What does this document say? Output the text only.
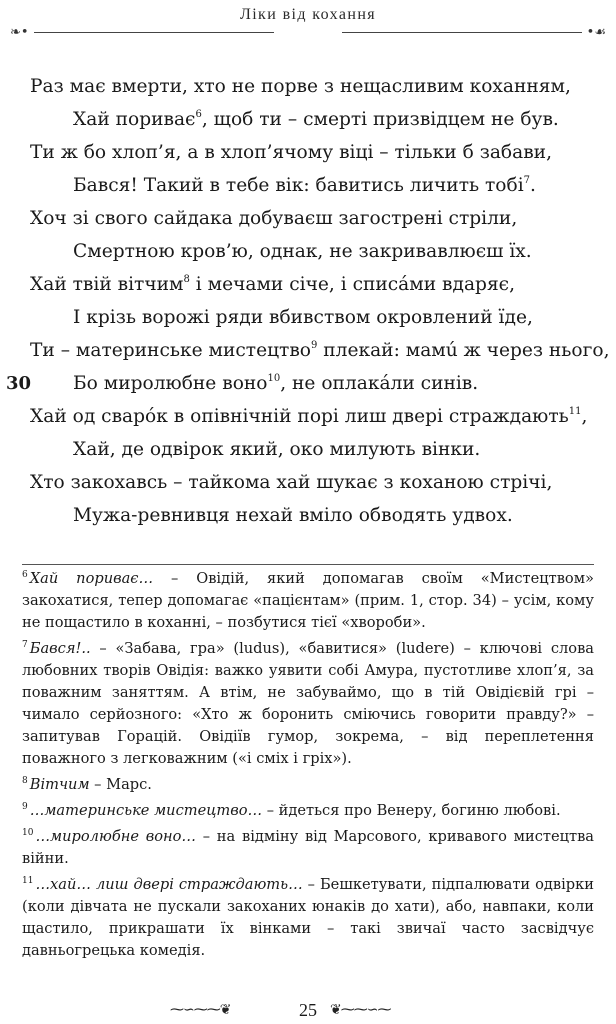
❧•
Ліки від кохання
•☙
Раз має вмерти, хто не порве з нещасливим коханням,
Хай пориває$^6$, щоб ти – смерті призвідцем не був.
Ти ж бо хлоп’я, а в хлоп’ячому віці – тільки б забави,
Бався! Такий в тебе вік: бавитись личить тобі$^7$.
Хоч зі свого сайдака добуваєш загострені стріли,
Смертною кров’ю, однак, не закривавлюєш їх.
Хай твій вітчим$^8$ і мечами січе, і списáми вдаряє,
І крізь ворожі ряди вбивством окровлений їде,
Ти – материнське мистецтво$^9$ плекай: мамú ж через нього,
30 Бо миролюбне воно$^{10}$, не оплакáли синів.
Хай од сварóк в опівнічній порі лиш двері страждають$^{11}$,
Хай, де одвірок який, око милують вінки.
Хто закохавсь – тайкома хай шукає з коханою стрічі,
Мужа-ревнивця нехай вміло обводять удвох.

$^6$ Хай пориває… – Овідій, який допомагав своїм «Мистецтвом» закохатися, тепер допомагає «пацієнтам» (прим. 1, стор. 34) – усім, кому не пощастило в коханні, – позбутися тієї «хвороби».

$^7$ Бався!.. – «Забава, гра» (ludus), «бавитися» (ludere) – ключові слова любовних творів Овідія: важко уявити собі Амура, пустотливе хлоп’я, за поважним заняттям. А втім, не забуваймо, що в тій Овідієвій грі – чимало серйозного: «Хто ж боронить сміючись говорити правду?» – запитував Горацій. Овідіїв гумор, зокрема, – від переплетення поважного з легковажним («і сміх і гріх»).

$^8$ Вітчим – Марс.

$^9$ …материнське мистецтво… – йдеться про Венеру, богиню любові.

$^{10}$ …миролюбне воно… – на відміну від Марсового, кривавого мистецтва війни.

$^{11}$ …хай… лиш двері страждають… – Бешкетувати, підпалювати одвірки (коли дівчата не пускали закоханих юнаків до хати), або, навпаки, коли щастило, прикрашати їх вінками – такі звичаї часто засвідчує давньогрецька комедія.

⁓∽⁓⁓❦	25 ❦⁓⁓∽⁓
